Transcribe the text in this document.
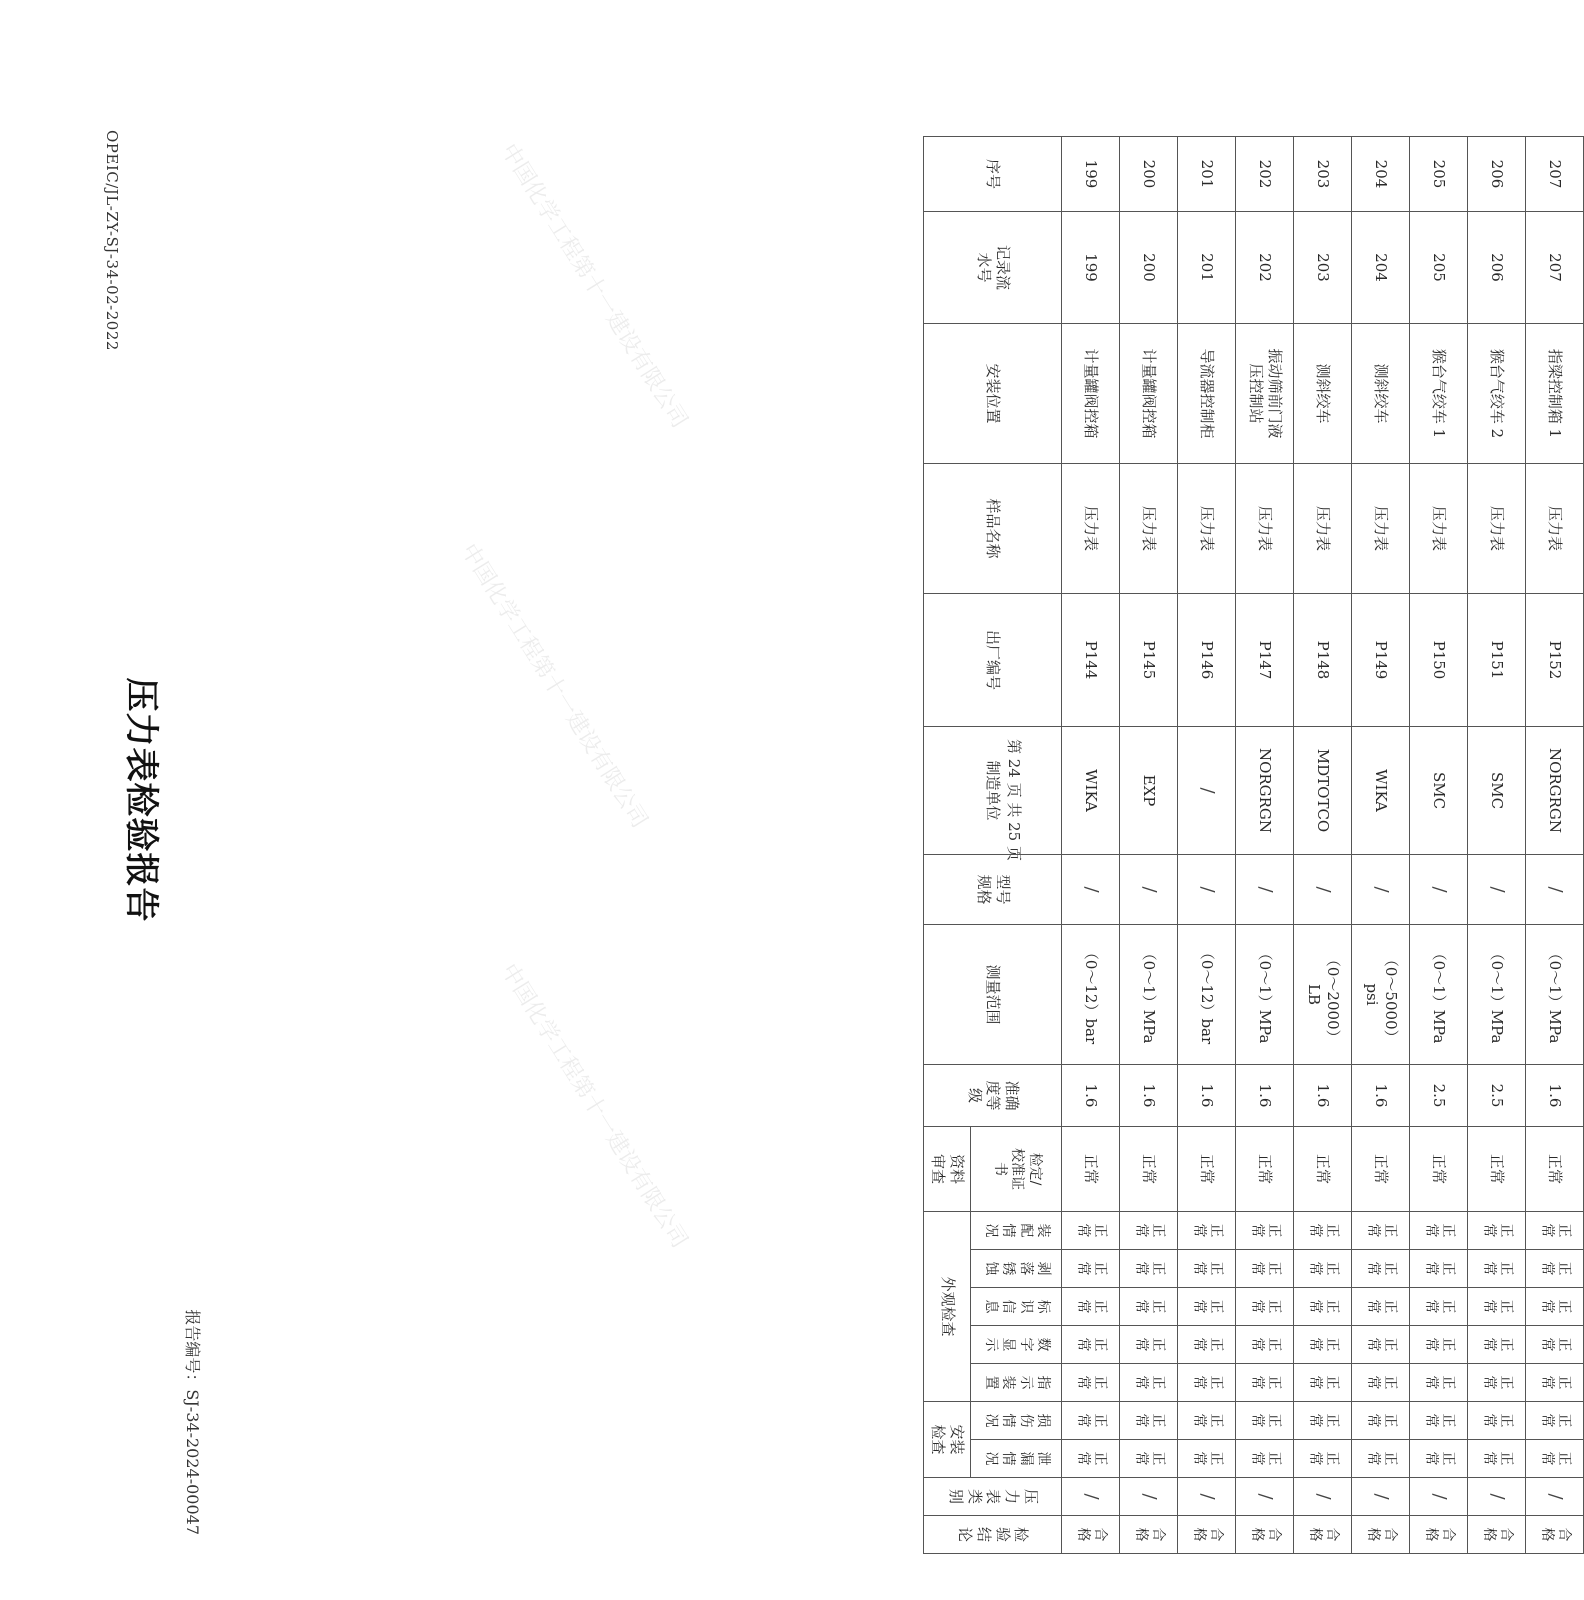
中国化学工程第十一建设有限公司
中国化学工程第十一建设有限公司
中国化学工程第十一建设有限公司
OPEIC/JL-ZY-SJ-34-02-2022
报告编号：SJ-34-2024-00047
压力表检验报告	第 24 页 共 25 页
序号	记录流水号	安装位置	样品名称	出厂编号	制造单位	型号规格	测量范围	准确度等级	资料审查	外观检查					安装检查		压力表类别	检验结论
									检定/校准证书	装配情况	剥落锈蚀	标识信息	数字显示	指示装置	损伤情况	泄漏情况		

199	199	计量罐阀控箱	压力表	P144	WIKA	/	（0～12）bar	1.6	正常	正常	正常	正常	正常	正常	正常	正常	/	合格
200	200	计量罐阀控箱	压力表	P145	EXP	/	（0～1）MPa	1.6	正常	正常	正常	正常	正常	正常	正常	正常	/	合格
201	201	导流器控制柜	压力表	P146	/	/	（0～12）bar	1.6	正常	正常	正常	正常	正常	正常	正常	正常	/	合格
202	202	振动筛前门液压控制站	压力表	P147	NORGRGN	/	（0～1）MPa	1.6	正常	正常	正常	正常	正常	正常	正常	正常	/	合格
203	203	测斜绞车	压力表	P148	MDTOTCO	/	（0～2000）LB	1.6	正常	正常	正常	正常	正常	正常	正常	正常	/	合格
204	204	测斜绞车	压力表	P149	WIKA	/	（0～5000）psi	1.6	正常	正常	正常	正常	正常	正常	正常	正常	/	合格
205	205	猴台气绞车 1	压力表	P150	SMC	/	（0～1）MPa	2.5	正常	正常	正常	正常	正常	正常	正常	正常	/	合格
206	206	猴台气绞车 2	压力表	P151	SMC	/	（0～1）MPa	2.5	正常	正常	正常	正常	正常	正常	正常	正常	/	合格
207	207	指梁控制箱 1	压力表	P152	NORGRGN	/	（0～1）MPa	1.6	正常	正常	正常	正常	正常	正常	正常	正常	/	合格
